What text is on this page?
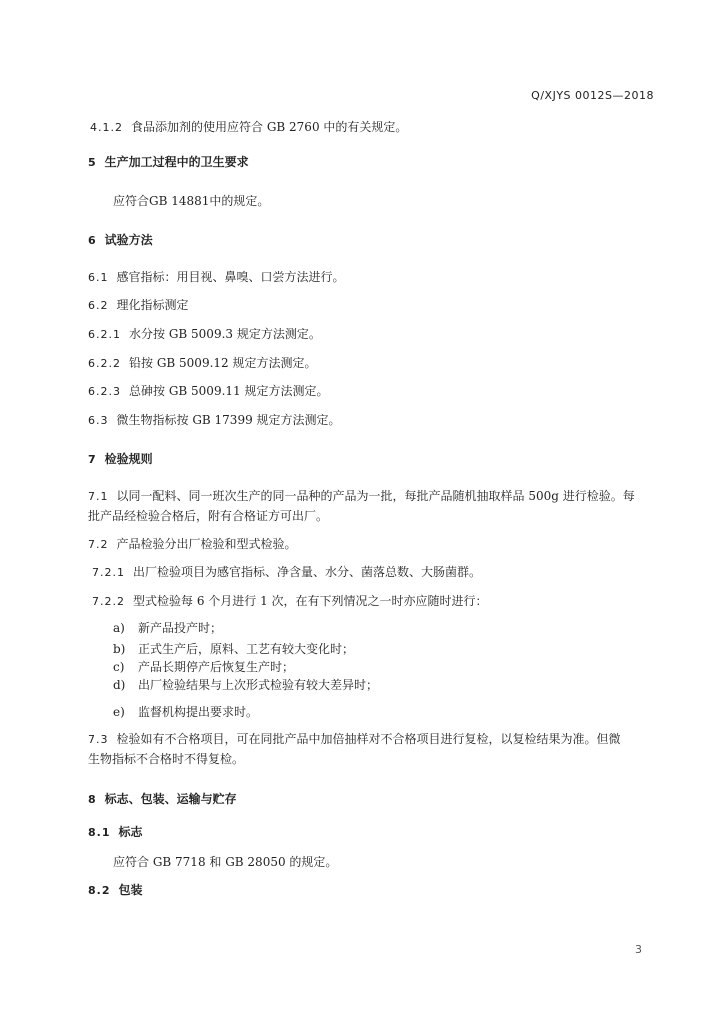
Q/XJYS 0012S—2018
4.1.2 食品添加剂的使用应符合 GB 2760 中的有关规定。
5 生产加工过程中的卫生要求
应符合GB 14881中的规定。
6 试验方法
6.1 感官指标：用目视、鼻嗅、口尝方法进行。
6.2 理化指标测定
6.2.1 水分按 GB 5009.3 规定方法测定。
6.2.2 铅按 GB 5009.12 规定方法测定。
6.2.3 总砷按 GB 5009.11 规定方法测定。
6.3 微生物指标按 GB 17399 规定方法测定。
7 检验规则
7.1 以同一配料、同一班次生产的同一品种的产品为一批，每批产品随机抽取样品 500g 进行检验。每
批产品经检验合格后，附有合格证方可出厂。
7.2 产品检验分出厂检验和型式检验。
7.2.1 出厂检验项目为感官指标、净含量、水分、菌落总数、大肠菌群。
7.2.2 型式检验每 6 个月进行 1 次，在有下列情况之一时亦应随时进行：
a) 新产品投产时；
b) 正式生产后，原料、工艺有较大变化时；
c) 产品长期停产后恢复生产时；
d) 出厂检验结果与上次形式检验有较大差异时；
e) 监督机构提出要求时。
7.3 检验如有不合格项目，可在同批产品中加倍抽样对不合格项目进行复检，以复检结果为准。但微
生物指标不合格时不得复检。
8 标志、包装、运输与贮存
8.1 标志
应符合 GB 7718 和 GB 28050 的规定。
8.2 包装
3
